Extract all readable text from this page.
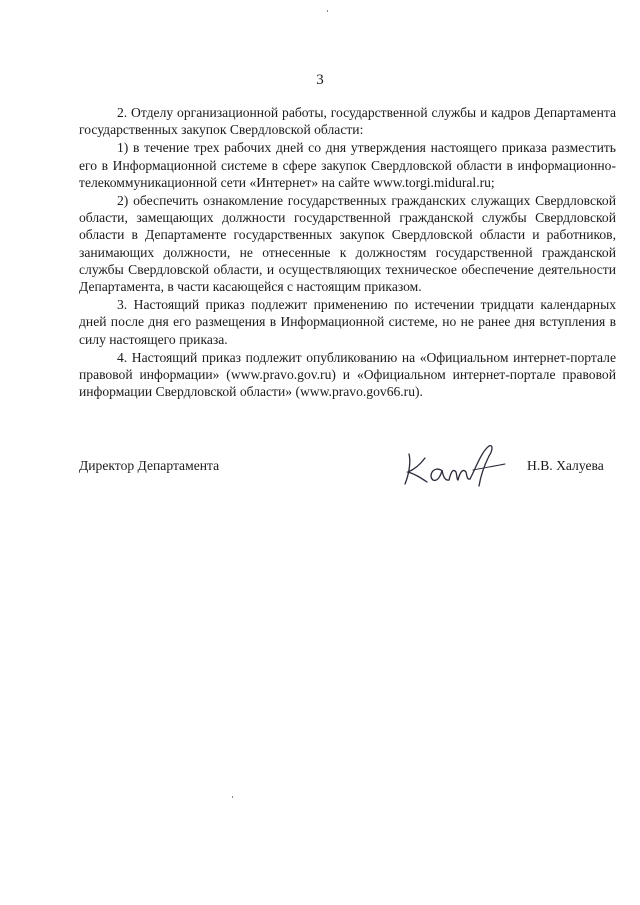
3

2. Отделу организационной работы, государственной службы и кадров Департамента государственных закупок Свердловской области:

1) в течение трех рабочих дней со дня утверждения настоящего приказа разместить его в Информационной системе в сфере закупок Свердловской области в информационно-телекоммуникационной сети «Интернет» на сайте www.torgi.midural.ru;

2) обеспечить ознакомление государственных гражданских служащих Свердловской области, замещающих должности государственной гражданской службы Свердловской области в Департаменте государственных закупок Свердловской области и работников, занимающих должности, не отнесенные к должностям государственной гражданской службы Свердловской области, и осуществляющих техническое обеспечение деятельности Департамента, в части касающейся с настоящим приказом.

3. Настоящий приказ подлежит применению по истечении тридцати календарных дней после дня его размещения в Информационной системе, но не ранее дня вступления в силу настоящего приказа.

4. Настоящий приказ подлежит опубликованию на «Официальном интернет-портале правовой информации» (www.pravo.gov.ru) и «Официальном интернет-портале правовой информации Свердловской области» (www.pravo.gov66.ru).

Директор Департамента	Н.В. Халуева
